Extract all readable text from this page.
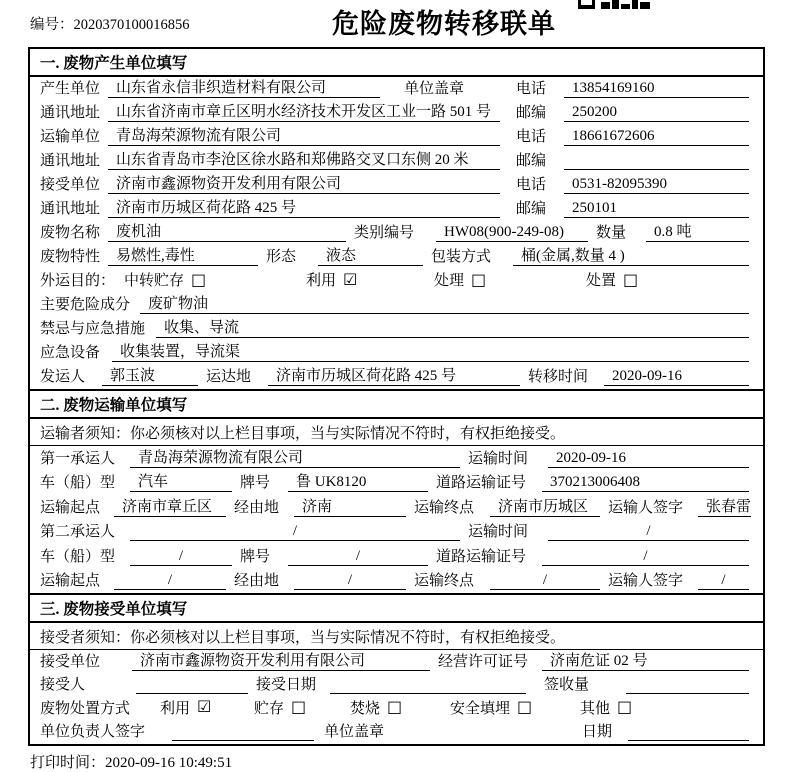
编号：2020370100016856	危险废物转移联单
一. 废物产生单位填写
产生单位	山东省永信非织造材料有限公司	单位盖章	电话	13854169160
通讯地址	山东省济南市章丘区明水经济技术开发区工业一路 501 号	邮编	250200
运输单位	青岛海荣源物流有限公司	电话	18661672606
通讯地址	山东省青岛市李沧区徐水路和郑佛路交叉口东侧 20 米	邮编
接受单位	济南市鑫源物资开发利用有限公司	电话	0531-82095390
通讯地址	济南市历城区荷花路 425 号	邮编	250101
废物名称	废机油	类别编号	HW08(900-249-08)	数量	0.8 吨
废物特性	易燃性,毒性	形态	液态	包装方式	桶(金属,数量 4 )
外运目的： 中转贮存 □	利用 ☑	处理 □	处置 □
主要危险成分	废矿物油
禁忌与应急措施	收集、导流
应急设备	收集装置，导流渠
发运人	郭玉波	运达地	济南市历城区荷花路 425 号	转移时间	2020-09-16
二. 废物运输单位填写
运输者须知：你必须核对以上栏目事项，当与实际情况不符时，有权拒绝接受。
第一承运人	青岛海荣源物流有限公司	运输时间	2020-09-16
车（船）型	汽车	牌号	鲁 UK8120	道路运输证号	370213006408
运输起点	济南市章丘区	经由地	济南	运输终点	济南市历城区	运输人签字	张春雷
第二承运人	/	运输时间	/
车（船）型	/	牌号	/	道路运输证号	/
运输起点	/	经由地	/	运输终点	/	运输人签字	/
三. 废物接受单位填写
接受者须知：你必须核对以上栏目事项，当与实际情况不符时，有权拒绝接受。
接受单位	济南市鑫源物资开发利用有限公司	经营许可证号	济南危证 02 号
接受人	接受日期	签收量
废物处置方式	利用 ☑	贮存 □	焚烧 □	安全填埋 □	其他 □
单位负责人签字	单位盖章	日期
打印时间：2020-09-16 10:49:51
